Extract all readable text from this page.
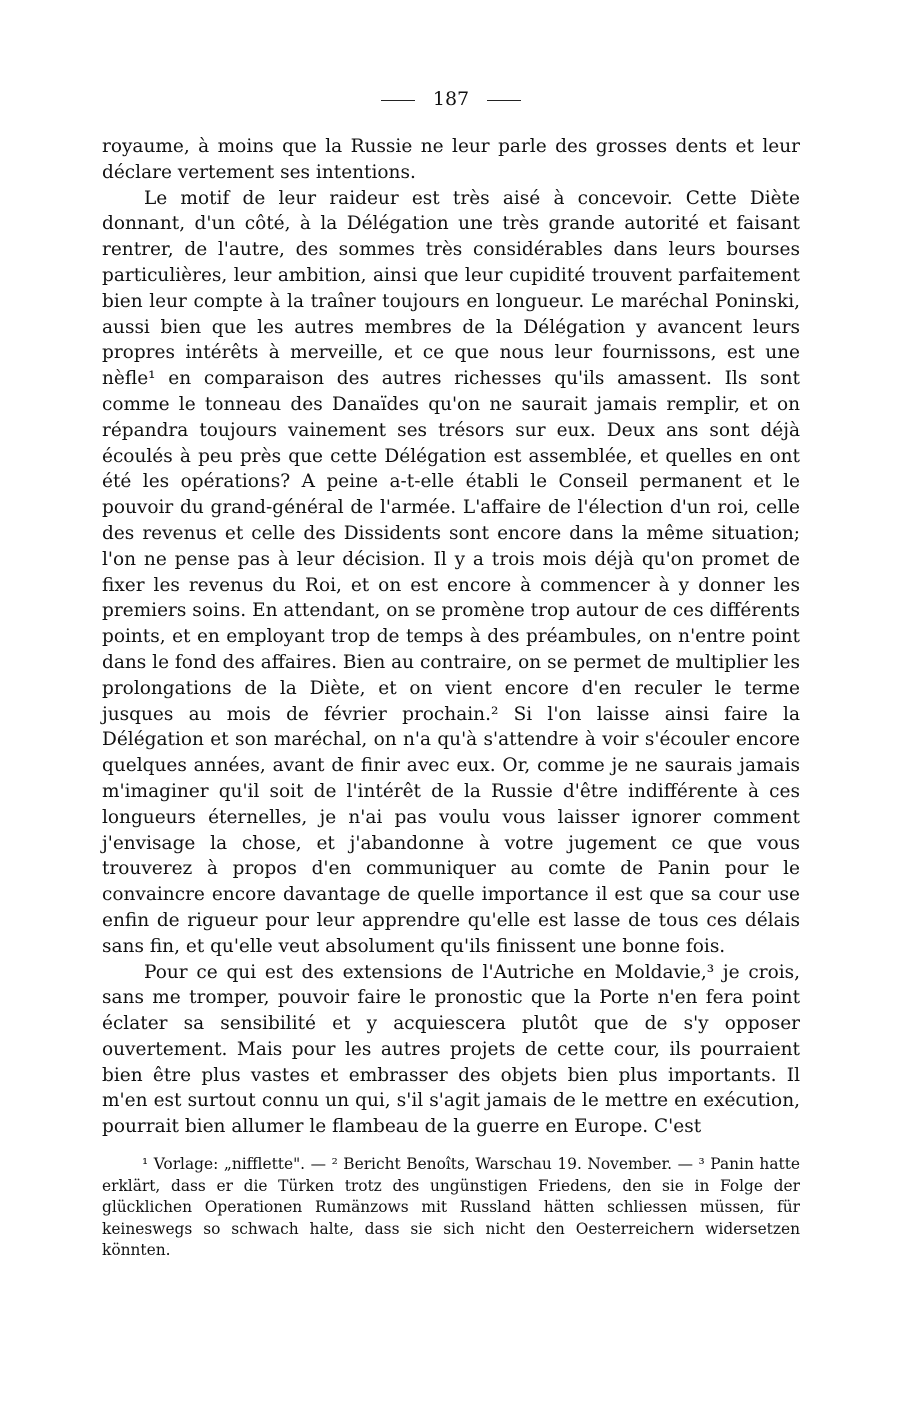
187

royaume, à moins que la Russie ne leur parle des grosses dents et leur déclare vertement ses intentions.

Le motif de leur raideur est très aisé à concevoir. Cette Diète donnant, d'un côté, à la Délégation une très grande autorité et faisant rentrer, de l'autre, des sommes très considérables dans leurs bourses particulières, leur ambition, ainsi que leur cupidité trouvent parfaitement bien leur compte à la traîner toujours en longueur. Le maréchal Poninski, aussi bien que les autres membres de la Délégation y avancent leurs propres intérêts à merveille, et ce que nous leur fournissons, est une nèfle¹ en comparaison des autres richesses qu'ils amassent. Ils sont comme le tonneau des Danaïdes qu'on ne saurait jamais remplir, et on répandra toujours vainement ses trésors sur eux. Deux ans sont déjà écoulés à peu près que cette Délégation est assemblée, et quelles en ont été les opérations? A peine a-t-elle établi le Conseil permanent et le pouvoir du grand-général de l'armée. L'affaire de l'élection d'un roi, celle des revenus et celle des Dissidents sont encore dans la même situation; l'on ne pense pas à leur décision. Il y a trois mois déjà qu'on promet de fixer les revenus du Roi, et on est encore à commencer à y donner les premiers soins. En attendant, on se promène trop autour de ces différents points, et en employant trop de temps à des préambules, on n'entre point dans le fond des affaires. Bien au contraire, on se permet de multiplier les prolongations de la Diète, et on vient encore d'en reculer le terme jusques au mois de février prochain.² Si l'on laisse ainsi faire la Délégation et son maréchal, on n'a qu'à s'attendre à voir s'écouler encore quelques années, avant de finir avec eux. Or, comme je ne saurais jamais m'imaginer qu'il soit de l'intérêt de la Russie d'être indifférente à ces longueurs éternelles, je n'ai pas voulu vous laisser ignorer comment j'envisage la chose, et j'abandonne à votre jugement ce que vous trouverez à propos d'en communiquer au comte de Panin pour le convaincre encore davantage de quelle importance il est que sa cour use enfin de rigueur pour leur apprendre qu'elle est lasse de tous ces délais sans fin, et qu'elle veut absolument qu'ils finissent une bonne fois.

Pour ce qui est des extensions de l'Autriche en Moldavie,³ je crois, sans me tromper, pouvoir faire le pronostic que la Porte n'en fera point éclater sa sensibilité et y acquiescera plutôt que de s'y opposer ouvertement. Mais pour les autres projets de cette cour, ils pourraient bien être plus vastes et embrasser des objets bien plus importants. Il m'en est surtout connu un qui, s'il s'agit jamais de le mettre en exécution, pourrait bien allumer le flambeau de la guerre en Europe. C'est

¹ Vorlage: „nifflette". — ² Bericht Benoîts, Warschau 19. November. — ³ Panin hatte erklärt, dass er die Türken trotz des ungünstigen Friedens, den sie in Folge der glücklichen Operationen Rumänzows mit Russland hätten schliessen müssen, für keineswegs so schwach halte, dass sie sich nicht den Oesterreichern widersetzen könnten.
